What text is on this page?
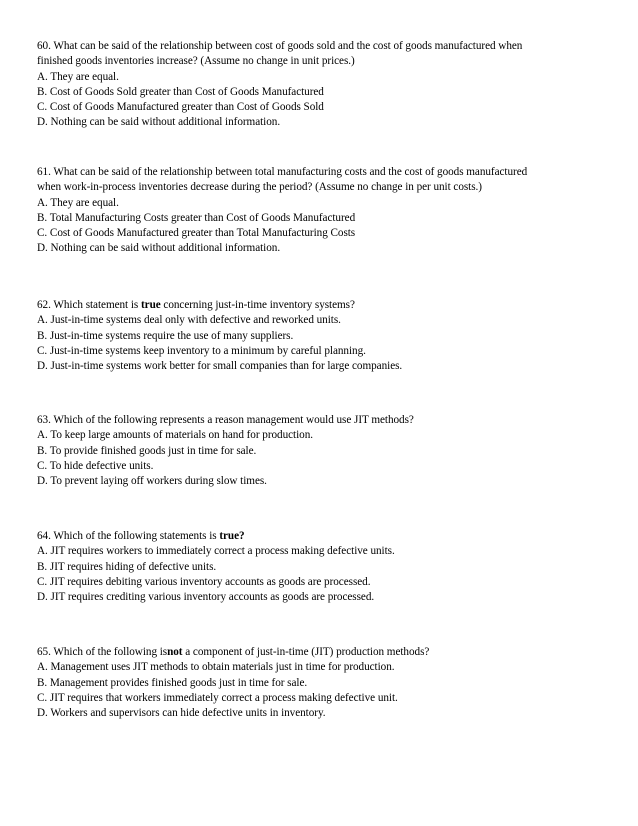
60. What can be said of the relationship between cost of goods sold and the cost of goods manufactured when

finished goods inventories increase? (Assume no change in unit prices.)

A. They are equal.

B. Cost of Goods Sold greater than Cost of Goods Manufactured

C. Cost of Goods Manufactured greater than Cost of Goods Sold

D. Nothing can be said without additional information.

61. What can be said of the relationship between total manufacturing costs and the cost of goods manufactured

when work-in-process inventories decrease during the period? (Assume no change in per unit costs.)

A. They are equal.

B. Total Manufacturing Costs greater than Cost of Goods Manufactured

C. Cost of Goods Manufactured greater than Total Manufacturing Costs

D. Nothing can be said without additional information.

62. Which statement is true concerning just-in-time inventory systems?

A. Just-in-time systems deal only with defective and reworked units.

B. Just-in-time systems require the use of many suppliers.

C. Just-in-time systems keep inventory to a minimum by careful planning.

D. Just-in-time systems work better for small companies than for large companies.

63. Which of the following represents a reason management would use JIT methods?

A. To keep large amounts of materials on hand for production.

B. To provide finished goods just in time for sale.

C. To hide defective units.

D. To prevent laying off workers during slow times.

64. Which of the following statements is true?

A. JIT requires workers to immediately correct a process making defective units.

B. JIT requires hiding of defective units.

C. JIT requires debiting various inventory accounts as goods are processed.

D. JIT requires crediting various inventory accounts as goods are processed.

65. Which of the following isnot a component of just-in-time (JIT) production methods?

A. Management uses JIT methods to obtain materials just in time for production.

B. Management provides finished goods just in time for sale.

C. JIT requires that workers immediately correct a process making defective unit.

D. Workers and supervisors can hide defective units in inventory.
